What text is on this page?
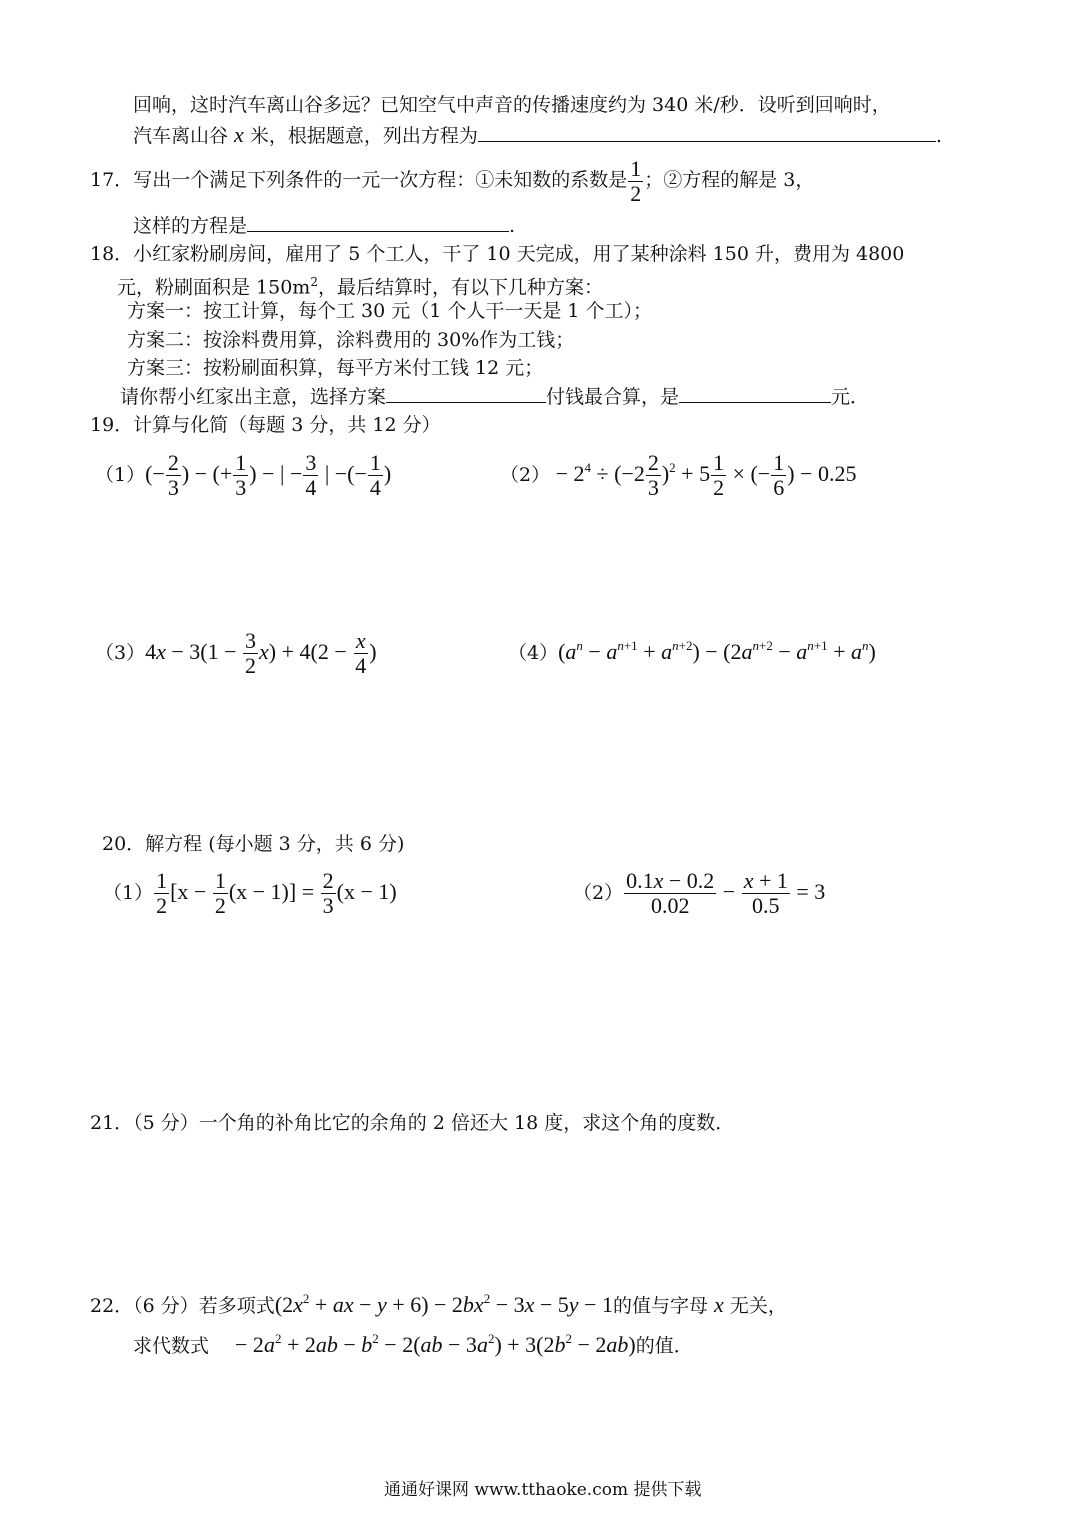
回响，这时汽车离山谷多远？已知空气中声音的传播速度约为 340 米/秒．设听到回响时，
汽车离山谷 x 米，根据题意，列出方程为	.
17．写出一个满足下列条件的一元一次方程：①未知数的系数是 $\frac{1}{2}$ ；②方程的解是 3，
这样的方程是	.
18．小红家粉刷房间，雇用了 5 个工人，干了 10 天完成，用了某种涂料 150 升，费用为 4800
元，粉刷面积是 $150m^2$，最后结算时，有以下几种方案：
方案一：按工计算，每个工 30 元（1 个人干一天是 1 个工）；
方案二：按涂料费用算，涂料费用的 30%作为工钱；
方案三：按粉刷面积算，每平方米付工钱 12 元；
请你帮小红家出主意，选择方案	付钱最合算，是	元．
19．计算与化简（每题 3 分，共 12 分）
$(1)(- \frac{2}{3}$ ) − (+ $\frac{1}{3}$ ) − | − $\frac{3}{4}$ | −(− $\frac{1}{4}$ )	$(2) - 2^4 \div (-2 \frac{2}{3} )^2 + 5 \frac{1}{2}$ × (− $\frac{1}{6}$ ) − 0.25
$(3)4x - 3(1 - \frac{3}{2} x) + 4(2 - \frac{x}{4}$ )	$(4)(a^n - a^{n+1} + a^{n+2}) - (2a^{n+2} - a^{n+1} + a^n)$
20．解方程 (每小题 3 分，共 6 分)
$(1) \frac{1}{2} [x - \frac{1}{2} (x - 1)] = \frac{2}{3} (x - 1)$	$(2) \frac{0.1x - 0.2}{0.02} - \frac{x + 1}{0.5} = 3$
21．（5 分）一个角的补角比它的余角的 2 倍还大 18 度，求这个角的度数．
22．（6 分）若多项式($2x^2$ + ax − $y + 6) - 2bx^2 - 3x - 5y - 1$的值与字母 x 无关，
求代数式 − $2a^2 + 2ab - b^2 - 2(ab - 3a^2) + 3(2b^2 - 2ab)$的值．
通通好课网 www.tthaoke.com 提供下载
